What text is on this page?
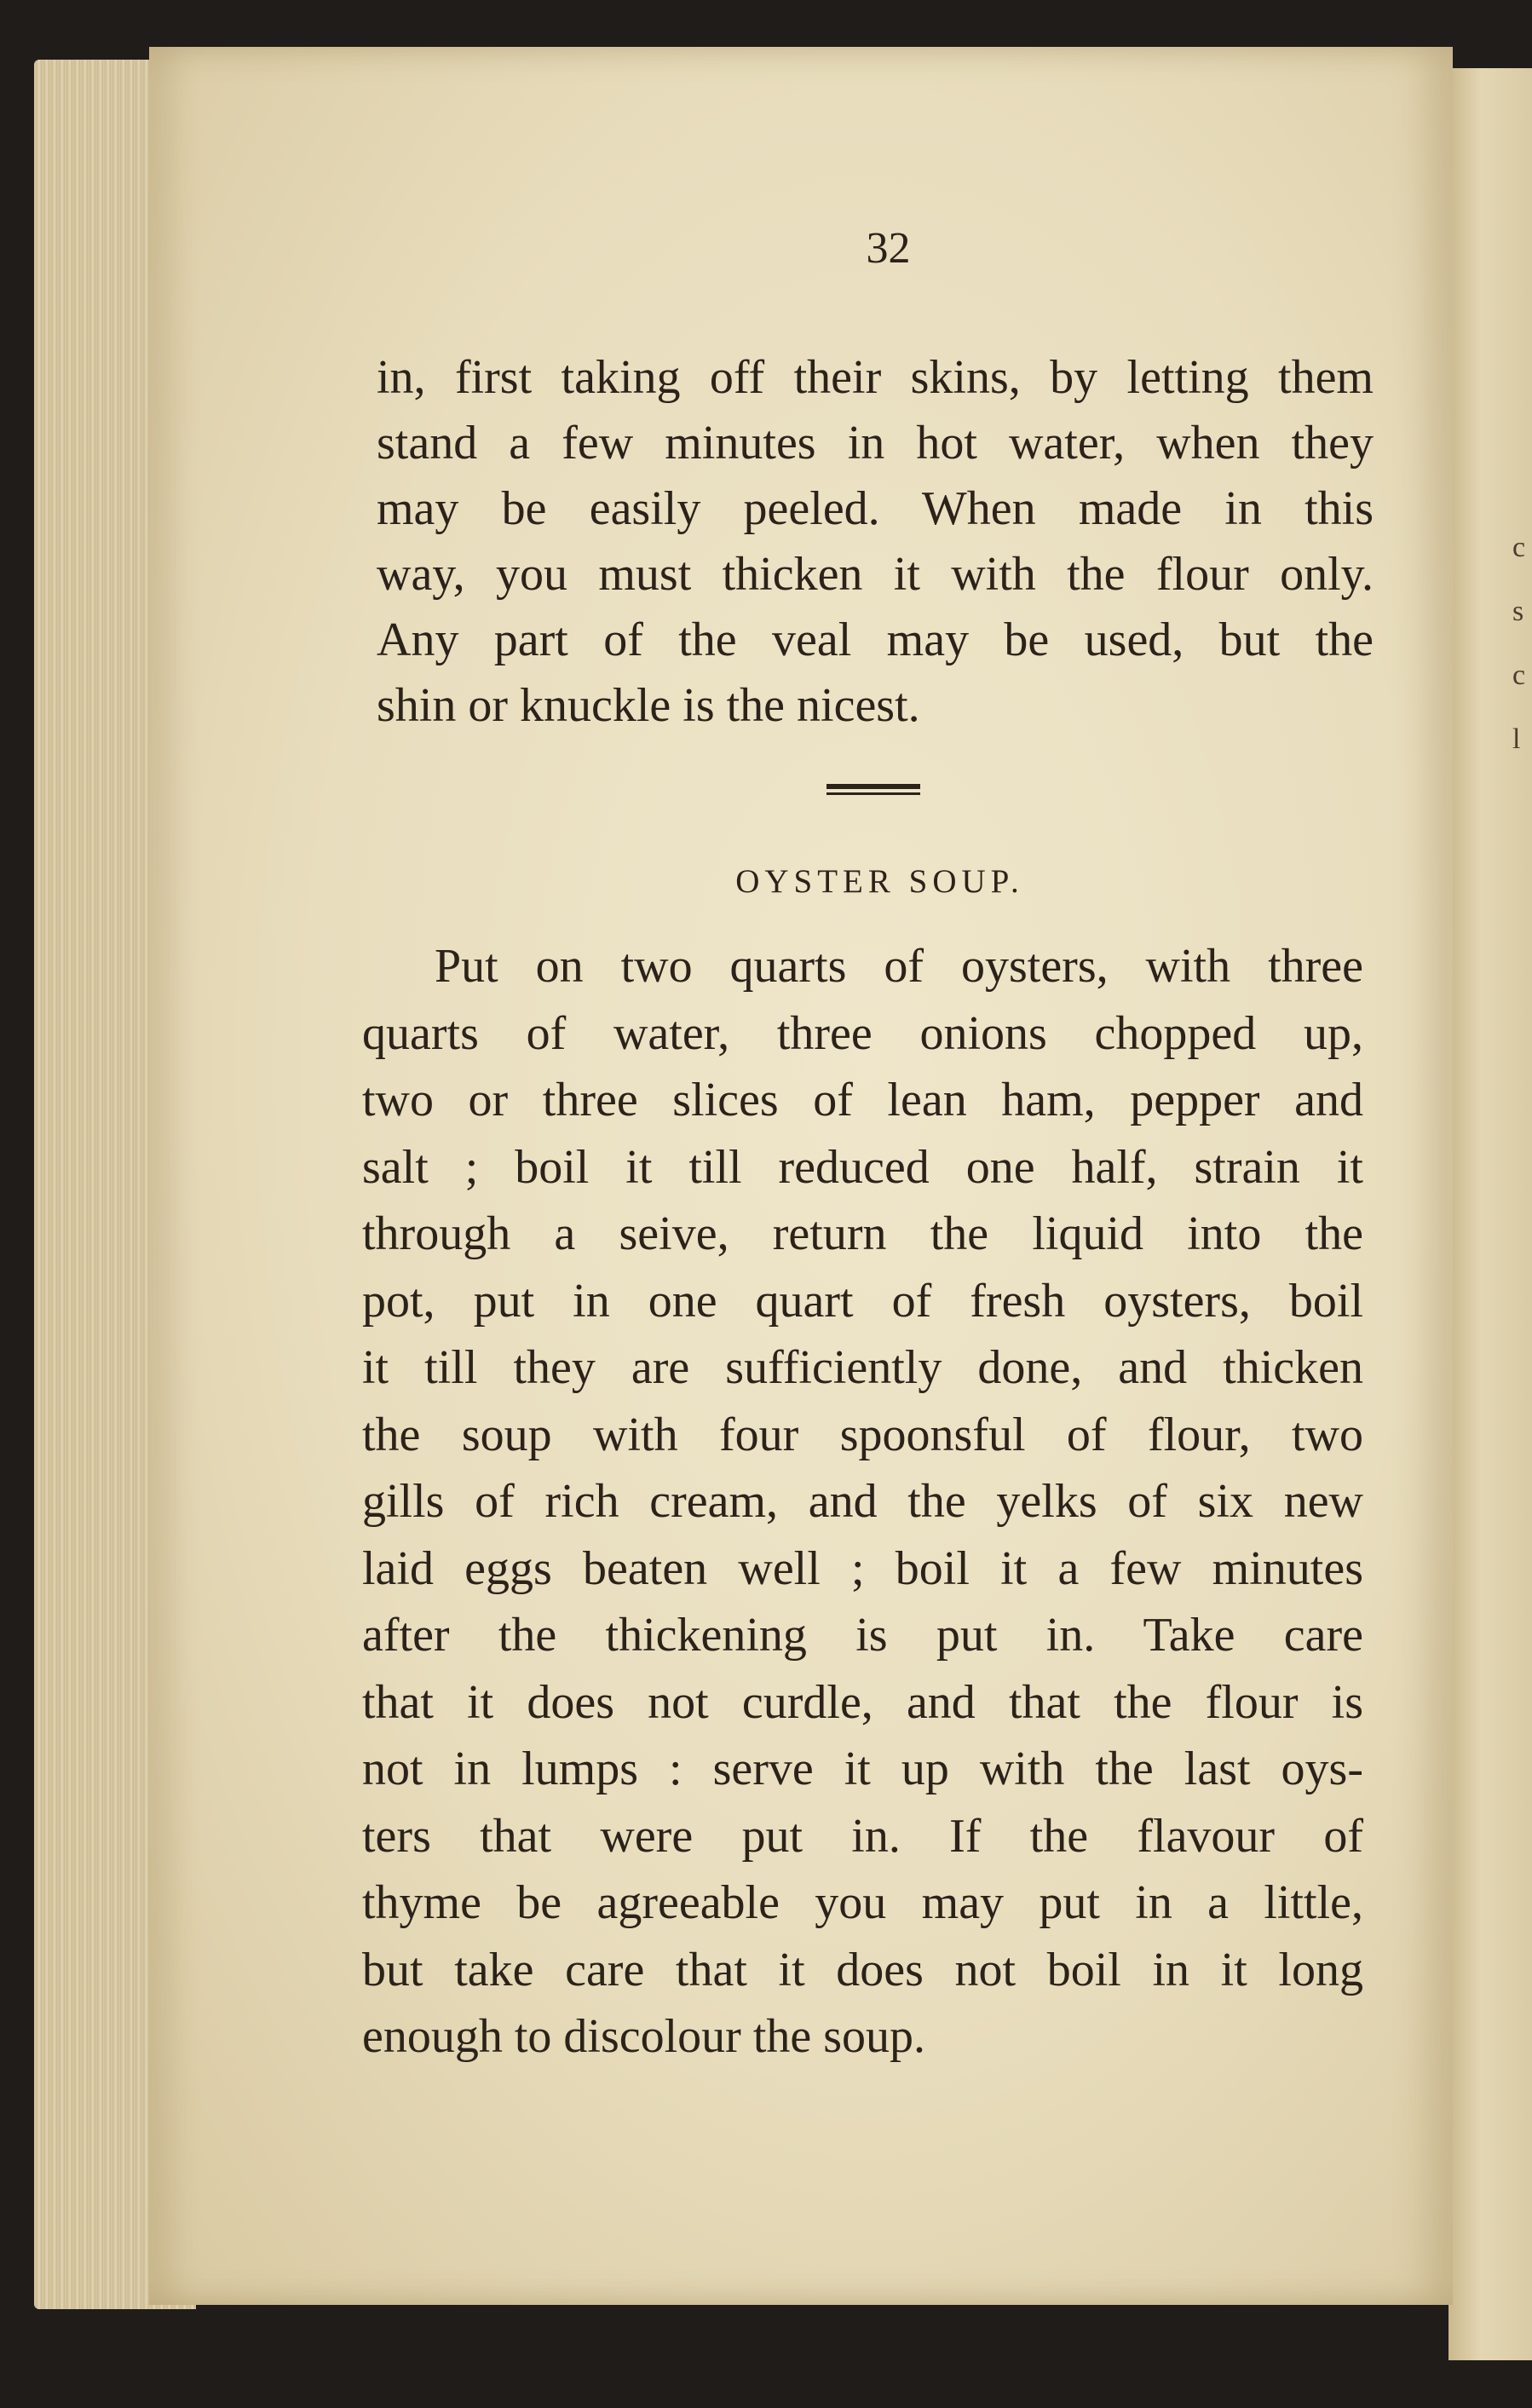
c
s
c
l
32
in, first taking off their skins, by letting them
stand a few minutes in hot water, when they
may be easily peeled. When made in this
way, you must thicken it with the flour only.
Any part of the veal may be used, but the
shin or knuckle is the nicest.
OYSTER SOUP.
Put on two quarts of oysters, with three
quarts of water, three onions chopped up,
two or three slices of lean ham, pepper and
salt ; boil it till reduced one half, strain it
through a seive, return the liquid into the
pot, put in one quart of fresh oysters, boil
it till they are sufficiently done, and thicken
the soup with four spoonsful of flour, two
gills of rich cream, and the yelks of six new
laid eggs beaten well ; boil it a few minutes
after the thickening is put in. Take care
that it does not curdle, and that the flour is
not in lumps : serve it up with the last oys-
ters that were put in. If the flavour of
thyme be agreeable you may put in a little,
but take care that it does not boil in it long
enough to discolour the soup.
